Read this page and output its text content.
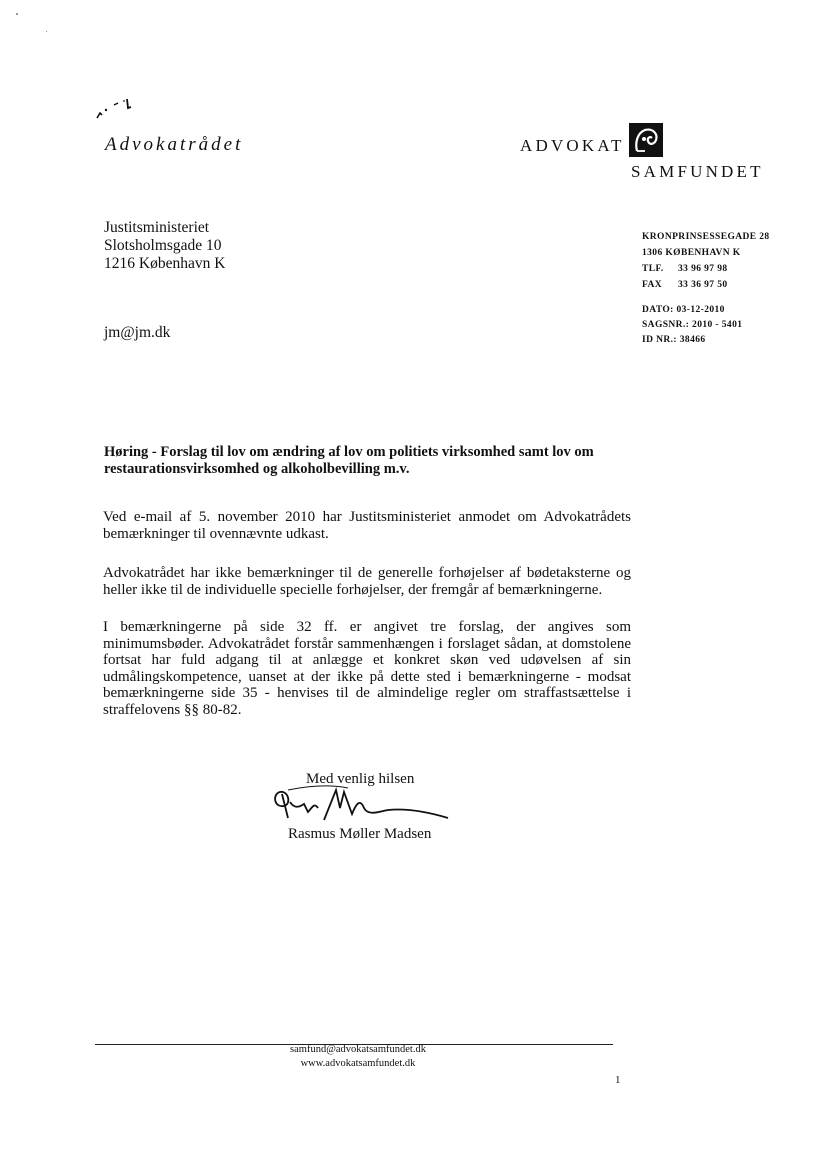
Advokatrådet	ADVOKAT
SAMFUNDET
Justitsministeriet
Slotsholmsgade 10
1216 København K
jm@jm.dk
KRONPRINSESSEGADE 28
1306 KØBENHAVN K
TLF. 33 96 97 98
FAX 33 36 97 50
DATO: 03-12-2010
SAGSNR.: 2010 - 5401
ID NR.: 38466
Høring - Forslag til lov om ændring af lov om politiets virksomhed samt lov om restaurationsvirksomhed og alkoholbevilling m.v.
Ved e-mail af 5. november 2010 har Justitsministeriet anmodet om Advokatrådets bemærkninger til ovennævnte udkast.
Advokatrådet har ikke bemærkninger til de generelle forhøjelser af bødetaksterne og heller ikke til de individuelle specielle forhøjelser, der fremgår af bemærkningerne.
I bemærkningerne på side 32 ff. er angivet tre forslag, der angives som minimumsbøder. Advokatrådet forstår sammenhængen i forslaget sådan, at domstolene fortsat har fuld adgang til at anlægge et konkret skøn ved udøvelsen af sin udmålingskompetence, uanset at der ikke på dette sted i bemærkningerne - modsat bemærkningerne side 35 - henvises til de almindelige regler om straffastsættelse i straffelovens §§ 80-82.
Med venlig hilsen
Rasmus Møller Madsen
samfund@advokatsamfundet.dk
www.advokatsamfundet.dk
1
